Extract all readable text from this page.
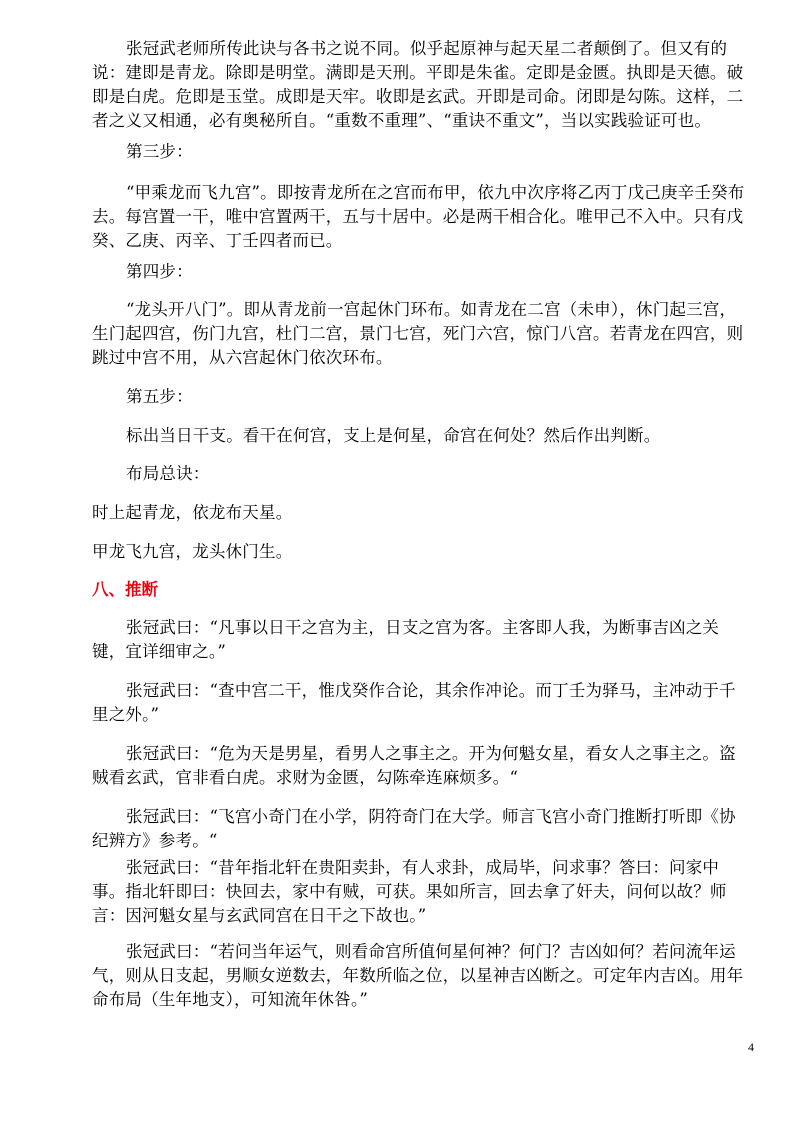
张冠武老师所传此诀与各书之说不同。似乎起原神与起天星二者颠倒了。但又有的说：建即是青龙。除即是明堂。满即是天刑。平即是朱雀。定即是金匮。执即是天德。破即是白虎。危即是玉堂。成即是天牢。收即是玄武。开即是司命。闭即是勾陈。这样，二者之义又相通，必有奥秘所自。“重数不重理”、“重诀不重文”，当以实践验证可也。

第三步：

“甲乘龙而飞九宫”。即按青龙所在之宫而布甲，依九中次序将乙丙丁戊己庚辛壬癸布去。每宫置一干，唯中宫置两干，五与十居中。必是两干相合化。唯甲己不入中。只有戊癸、乙庚、丙辛、丁壬四者而已。

第四步：

“龙头开八门”。即从青龙前一宫起休门环布。如青龙在二宫（未申），休门起三宫，生门起四宫，伤门九宫，杜门二宫，景门七宫，死门六宫，惊门八宫。若青龙在四宫，则跳过中宫不用，从六宫起休门依次环布。

第五步：

标出当日干支。看干在何宫，支上是何星，命宫在何处？然后作出判断。

布局总诀：

时上起青龙，依龙布天星。

甲龙飞九宫，龙头休门生。

八、推断

张冠武曰：“凡事以日干之宫为主，日支之宫为客。主客即人我，为断事吉凶之关键，宜详细审之。”

张冠武曰：“查中宫二干，惟戊癸作合论，其余作冲论。而丁壬为驿马，主冲动于千里之外。”

张冠武曰：“危为天是男星，看男人之事主之。开为何魁女星，看女人之事主之。盗贼看玄武，官非看白虎。求财为金匮，勾陈牵连麻烦多。“

张冠武曰：“飞宫小奇门在小学，阴符奇门在大学。师言飞宫小奇门推断打听即《协纪辨方》参考。“

张冠武曰：“昔年指北轩在贵阳卖卦，有人求卦，成局毕，问求事？答曰：问家中事。指北轩即曰：快回去，家中有贼，可获。果如所言，回去拿了奸夫，问何以故？师言：因河魁女星与玄武同宫在日干之下故也。”

张冠武曰：“若问当年运气，则看命宫所值何星何神？何门？吉凶如何？若问流年运气，则从日支起，男顺女逆数去，年数所临之位，以星神吉凶断之。可定年内吉凶。用年命布局（生年地支），可知流年休咎。”

4
